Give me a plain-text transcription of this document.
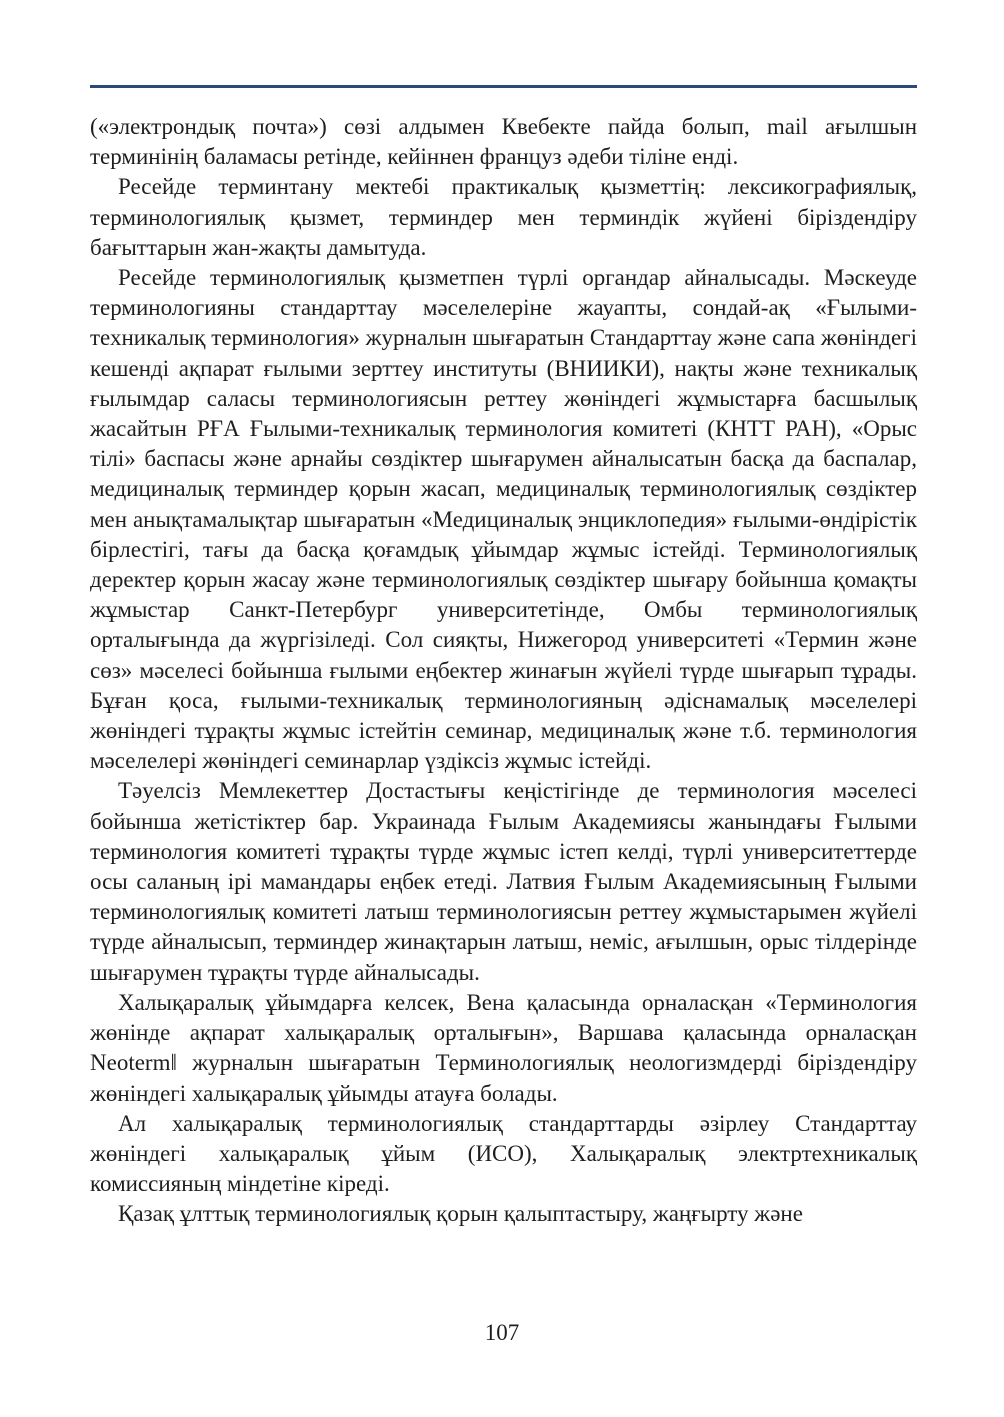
(«электрондық почта») сөзі алдымен Квебекте пайда болып, mail ағылшын терминінің баламасы ретінде, кейіннен француз әдеби тіліне енді.

Ресейде терминтану мектебі практикалық қызметтің: лексикографиялық, терминологиялық қызмет, терминдер мен терминдік жүйені біріздендіру бағыттарын жан-жақты дамытуда.

Ресейде терминологиялық қызметпен түрлі органдар айналысады. Мәскеуде терминологияны стандарттау мәселелеріне жауапты, сондай-ақ «Ғылыми-техникалық терминология» журналын шығаратын Стандарттау және сапа жөніндегі кешенді ақпарат ғылыми зерттеу институты (ВНИИКИ), нақты және техникалық ғылымдар саласы терминологиясын реттеу жөніндегі жұмыстарға басшылық жасайтын РҒА Ғылыми-техникалық терминология комитеті (КНТТ РАН), «Орыс тілі» баспасы және арнайы сөздіктер шығарумен айналысатын басқа да баспалар, медициналық терминдер қорын жасап, медициналық терминологиялық сөздіктер мен анықтамалықтар шығаратын «Медициналық энциклопедия» ғылыми-өндірістік бірлестігі, тағы да басқа қоғамдық ұйымдар жұмыс істейді. Терминологиялық деректер қорын жасау және терминологиялық сөздіктер шығару бойынша қомақты жұмыстар Санкт-Петербург университетінде, Омбы терминологиялық орталығында да жүргізіледі. Сол сияқты, Нижегород университеті «Термин және сөз» мәселесі бойынша ғылыми еңбектер жинағын жүйелі түрде шығарып тұрады. Бұған қоса, ғылыми-техникалық терминологияның әдіснамалық мәселелері жөніндегі тұрақты жұмыс істейтін семинар, медициналық және т.б. терминология мәселелері жөніндегі семинарлар үздіксіз жұмыс істейді.

Тәуелсіз Мемлекеттер Достастығы кеңістігінде де терминология мәселесі бойынша жетістіктер бар. Украинада Ғылым Академиясы жанындағы Ғылыми терминология комитеті тұрақты түрде жұмыс істеп келді, түрлі университеттерде осы саланың ірі мамандары еңбек етеді. Латвия Ғылым Академиясының Ғылыми терминологиялық комитеті латыш терминологиясын реттеу жұмыстарымен жүйелі түрде айналысып, терминдер жинақтарын латыш, неміс, ағылшын, орыс тілдерінде шығарумен тұрақты түрде айналысады.

Халықаралық ұйымдарға келсек, Вена қаласында орналасқан «Терминология жөнінде ақпарат халықаралық орталығын», Варшава қаласында орналасқан Neoterm‖ журналын шығаратын Терминологиялық неологизмдерді біріздендіру жөніндегі халықаралық ұйымды атауға болады.

Ал халықаралық терминологиялық стандарттарды әзірлеу Стандарттау жөніндегі халықаралық ұйым (ИСО), Халықаралық электртехникалық комиссияның міндетіне кіреді.

Қазақ ұлттық терминологиялық қорын қалыптастыру, жаңғырту және

107
